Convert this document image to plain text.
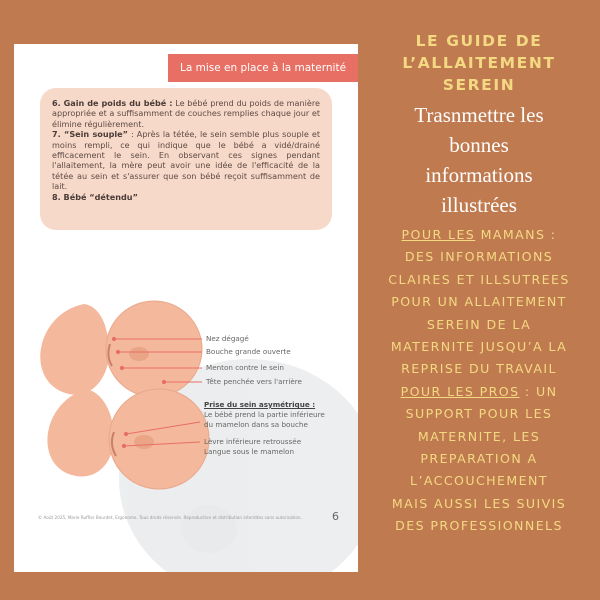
La mise en place à la maternité

6. Gain de poids du bébé : Le bébé prend du poids de manière appropriée et a suffisamment de couches remplies chaque jour et élimine régulièrement.

7. “Sein souple” : Après la tétée, le sein semble plus souple et moins rempli, ce qui indique que le bébé a vidé/drainé efficacement le sein. En observant ces signes pendant l'allaitement, la mère peut avoir une idée de l'efficacité de la tétée au sein et s'assurer que son bébé reçoit suffisamment de lait.

8. Bébé “détendu”

Nez dégagé
Bouche grande ouverte
Menton contre le sein
Tête penchée vers l'arrière
Prise du sein asymétrique :
Le bébé prend la partie inférieure
du mamelon dans sa bouche
Lèvre inférieure retroussée
Langue sous le mamelon
© Août 2025, Marie Ruffier Bourdet, Ergonome. Tous droits réservés. Reproduction et distribution interdites sans autorisation.	6
LE GUIDE DE
L’ALLAITEMENT
SEREIN
Trasnmettre les
bonnes
informations
illustrées
POUR LES MAMANS :
DES INFORMATIONS
CLAIRES ET ILLSUTREES
POUR UN ALLAITEMENT
SEREIN DE LA
MATERNITE JUSQU’A LA
REPRISE DU TRAVAIL
POUR LES PROS : UN
SUPPORT POUR LES
MATERNITE, LES
PREPARATION A
L’ACCOUCHEMENT
MAIS AUSSI LES SUIVIS
DES PROFESSIONNELS
